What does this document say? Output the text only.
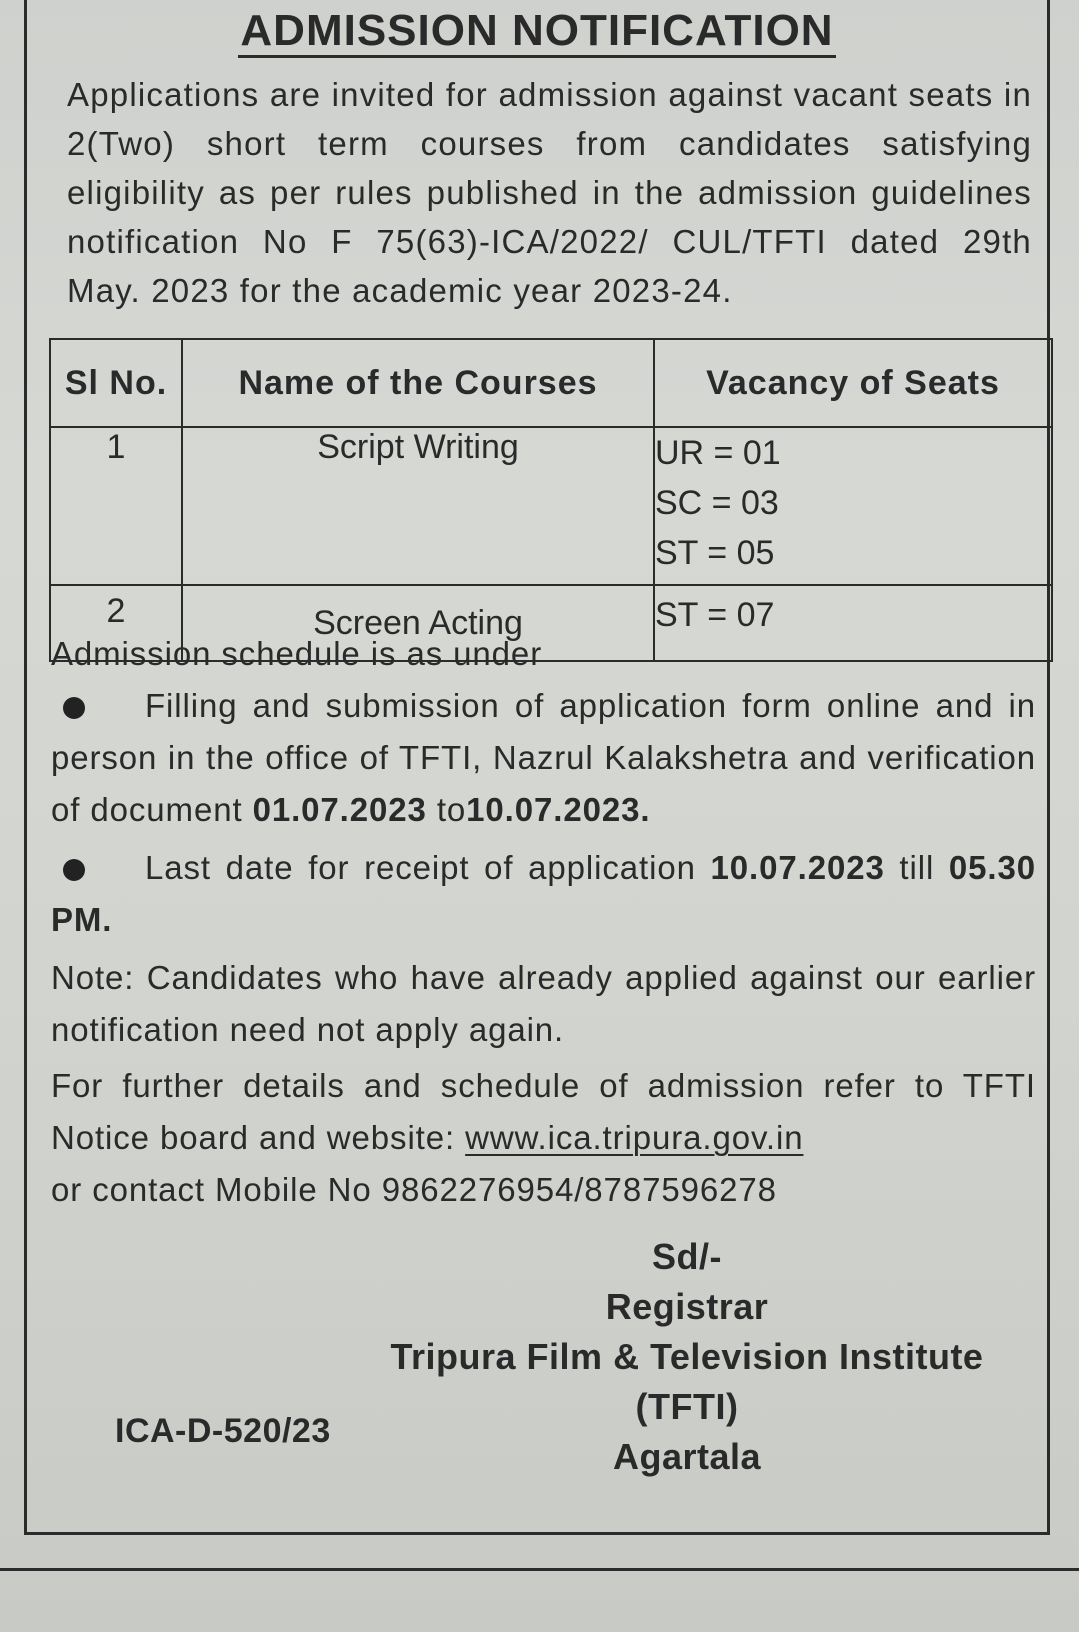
ADMISSION NOTIFICATION
Applications are invited for admission against vacant seats in 2(Two) short term courses from candidates satisfying eligibility as per rules published in the admission guidelines notification No F 75(63)-ICA/2022/ CUL/TFTI dated 29th May. 2023 for the academic year 2023-24.
Sl No.	Name of the Courses	Vacancy of Seats
1	Script Writing	UR = 01
SC = 03
ST = 05

2	Screen Acting	ST = 07

Admission schedule is as under

Filling and submission of application form online and in person in the office of TFTI, Nazrul Kalakshetra and verification of document 01.07.2023 to10.07.2023.

Last date for receipt of application 10.07.2023 till 05.30 PM.

Note: Candidates who have already applied against our earlier notification need not apply again.

For further details and schedule of admission refer to TFTI Notice board and website: www.ica.tripura.gov.in
or contact Mobile No 9862276954/8787596278

Sd/-
Registrar
Tripura Film & Television Institute
(TFTI)
Agartala
ICA-D-520/23
